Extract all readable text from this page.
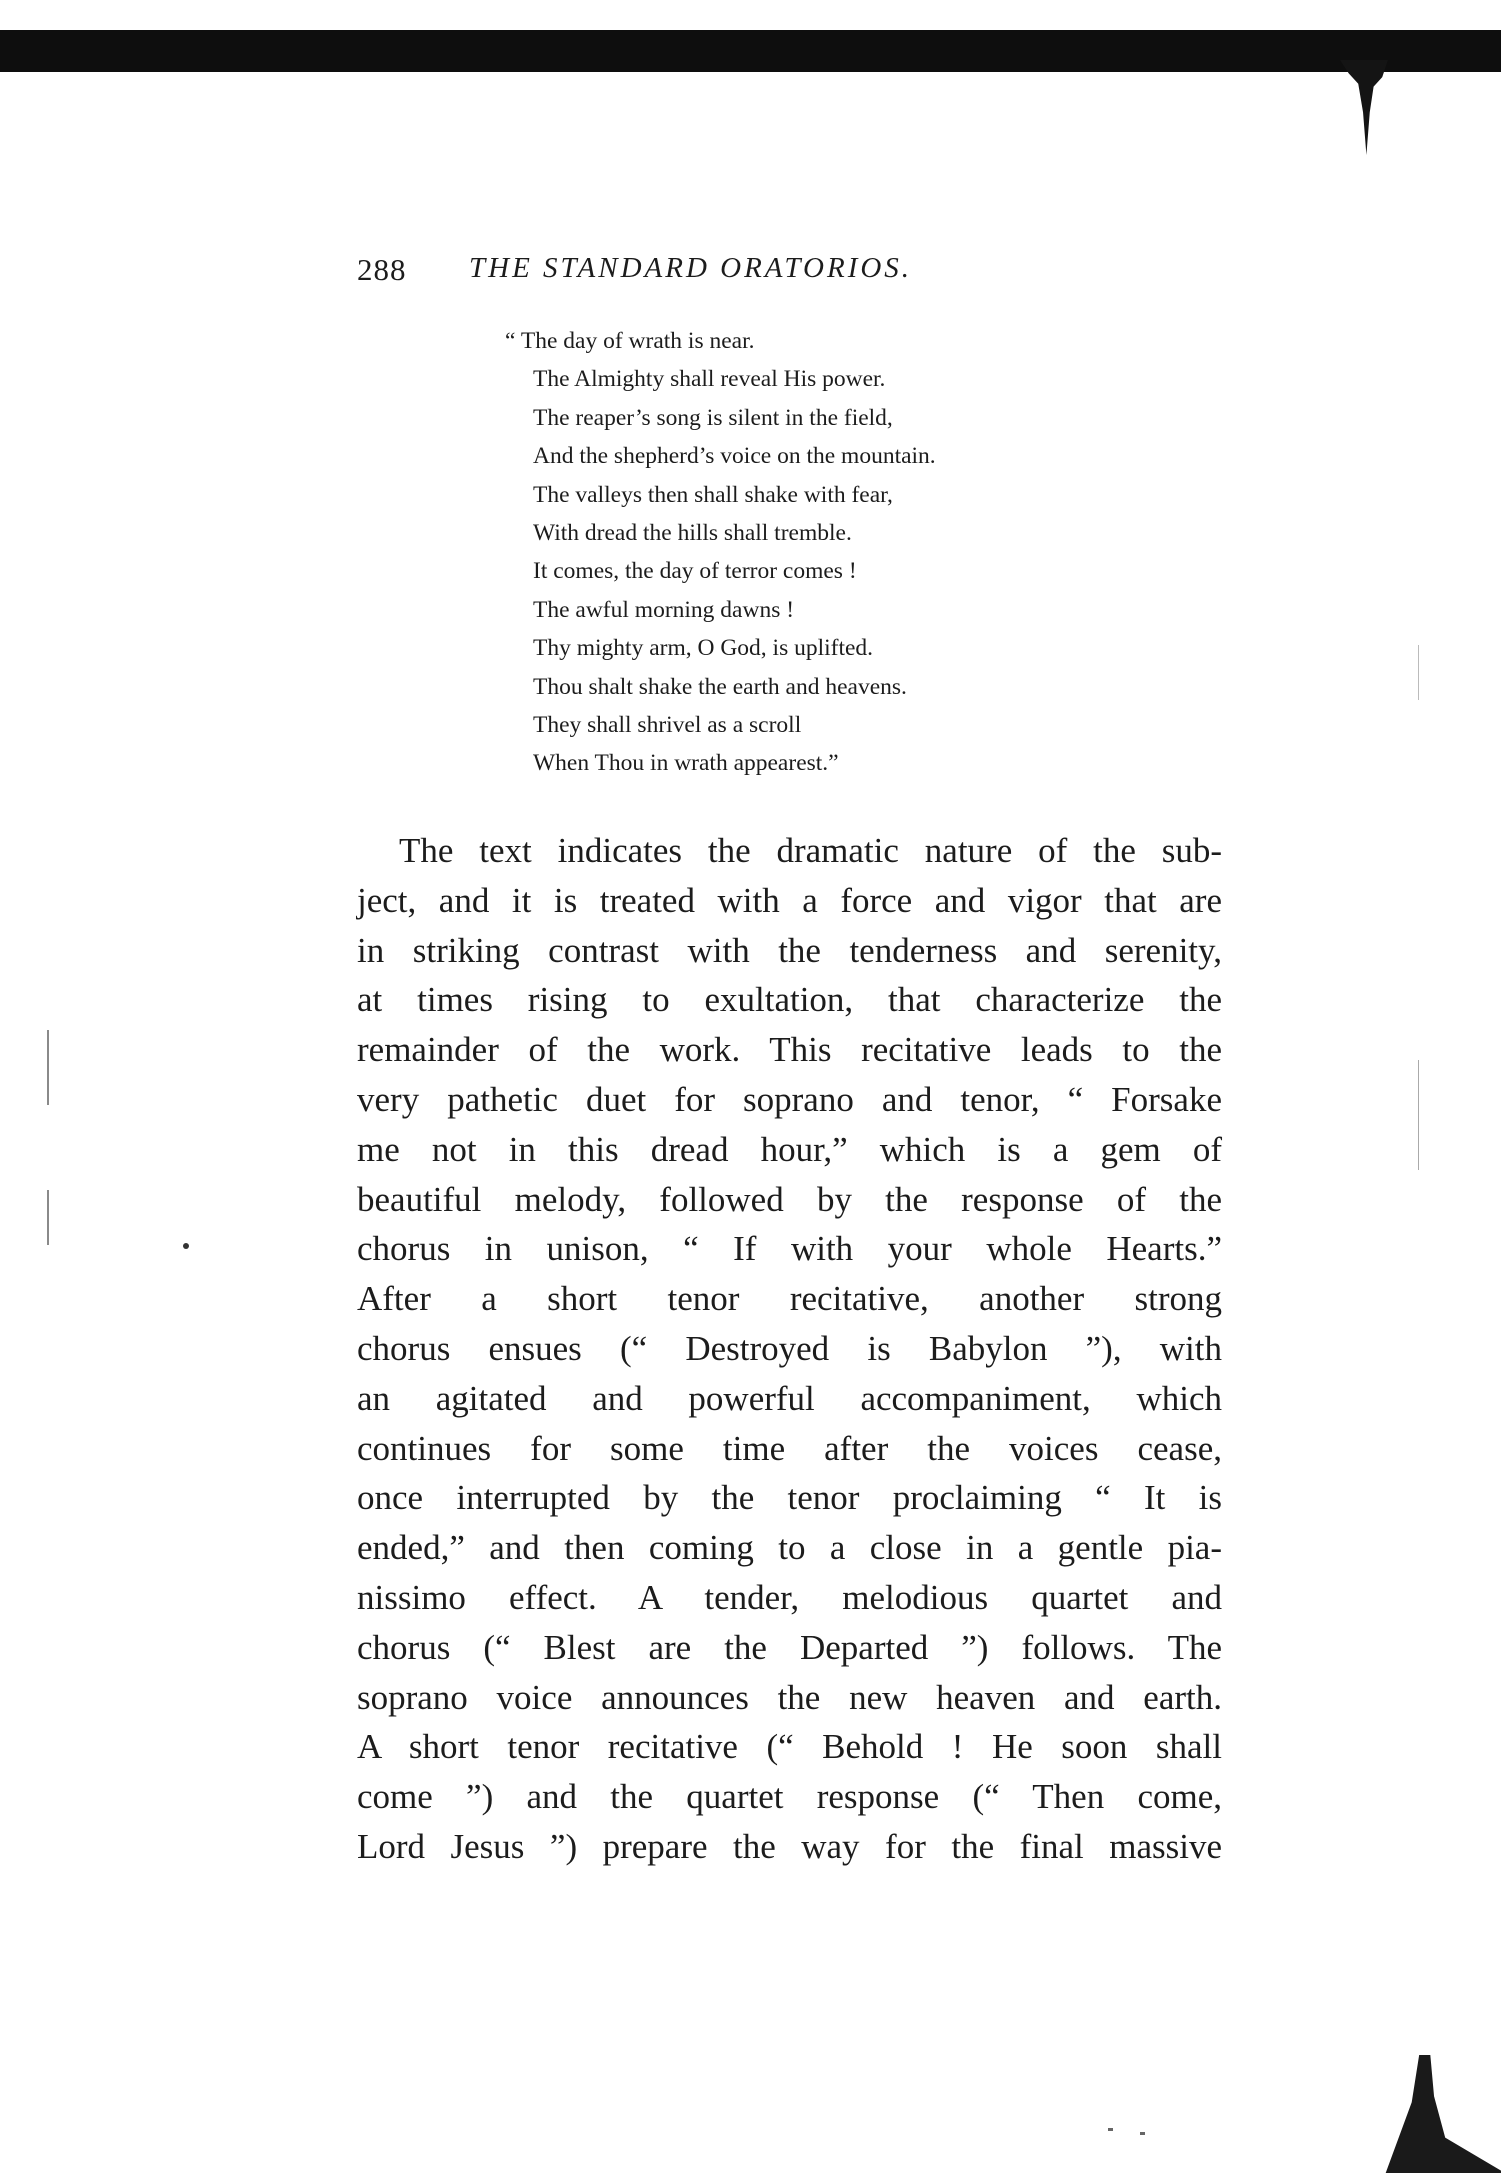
288 THE STANDARD ORATORIOS.
“ The day of wrath is near.
The Almighty shall reveal His power.
The reaper’s song is silent in the field,
And the shepherd’s voice on the mountain.
The valleys then shall shake with fear,
With dread the hills shall tremble.
It comes, the day of terror comes !
The awful morning dawns !
Thy mighty arm, O God, is uplifted.
Thou shalt shake the earth and heavens.
They shall shrivel as a scroll
When Thou in wrath appearest.”
The text indicates the dramatic nature of the sub-
ject, and it is treated with a force and vigor that are
in striking contrast with the tenderness and serenity,
at times rising to exultation, that characterize the
remainder of the work. This recitative leads to the
very pathetic duet for soprano and tenor, “ Forsake
me not in this dread hour,” which is a gem of
beautiful melody, followed by the response of the
chorus in unison, “ If with your whole Hearts.”
After a short tenor recitative, another strong
chorus ensues (“ Destroyed is Babylon ”), with
an agitated and powerful accompaniment, which
continues for some time after the voices cease,
once interrupted by the tenor proclaiming “ It is
ended,” and then coming to a close in a gentle pia-
nissimo effect. A tender, melodious quartet and
chorus (“ Blest are the Departed ”) follows. The
soprano voice announces the new heaven and earth.
A short tenor recitative (“ Behold ! He soon shall
come ”) and the quartet response (“ Then come,
Lord Jesus ”) prepare the way for the final massive
